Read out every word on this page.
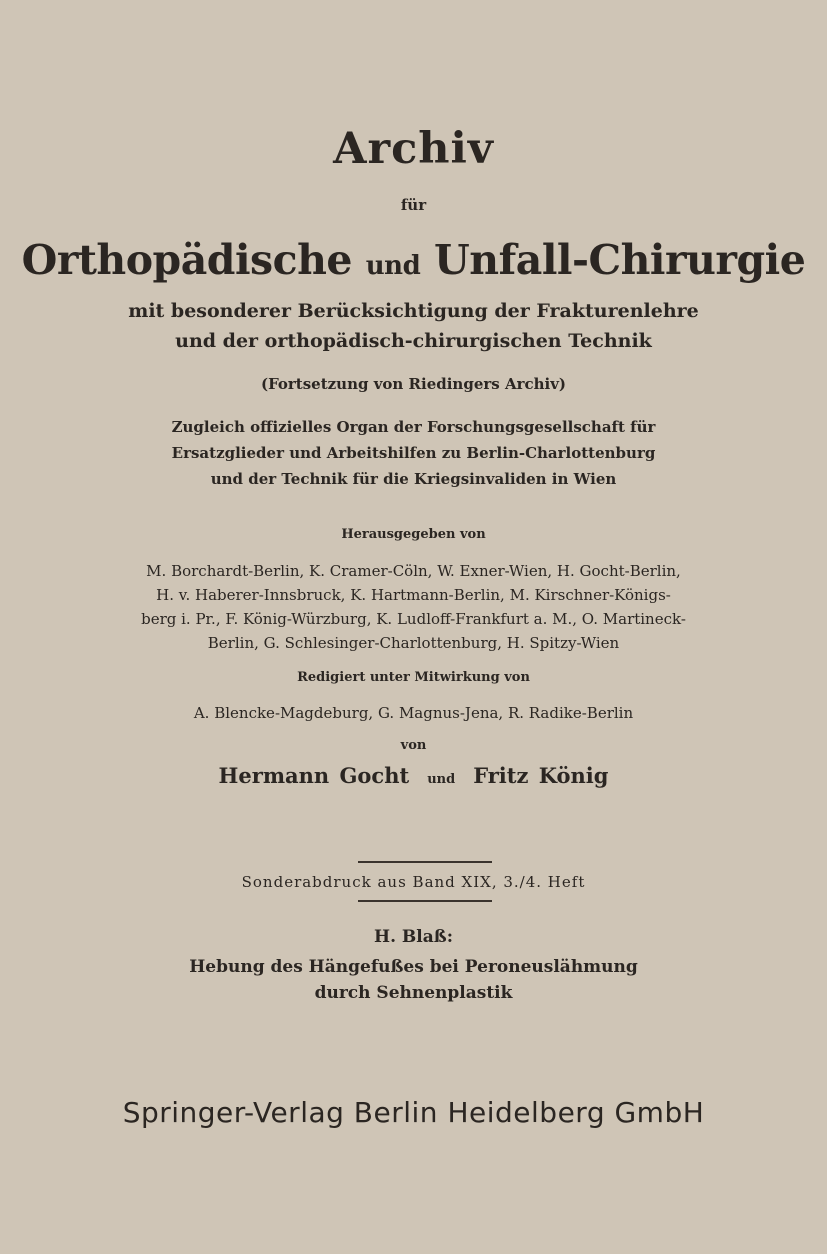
Archiv
für
Orthopädische und Unfall-Chirurgie
mit besonderer Berücksichtigung der Frakturenlehre
und der orthopädisch-chirurgischen Technik
(Fortsetzung von Riedingers Archiv)
Zugleich offizielles Organ der Forschungsgesellschaft für
Ersatzglieder und Arbeitshilfen zu Berlin-Charlottenburg
und der Technik für die Kriegsinvaliden in Wien
Herausgegeben von
M. Borchardt-Berlin, K. Cramer-Cöln, W. Exner-Wien, H. Gocht-Berlin,
H. v. Haberer-Innsbruck, K. Hartmann-Berlin, M. Kirschner-Königs-
berg i. Pr., F. König-Würzburg, K. Ludloff-Frankfurt a. M., O. Martineck-
Berlin, G. Schlesinger-Charlottenburg, H. Spitzy-Wien
Redigiert unter Mitwirkung von
A. Blencke-Magdeburg, G. Magnus-Jena, R. Radike-Berlin
von
Hermann Gocht und Fritz König
Sonderabdruck aus Band XIX, 3./4. Heft
H. Blaß:
Hebung des Hängefußes bei Peroneuslähmung
durch Sehnenplastik
Springer-Verlag Berlin Heidelberg GmbH
